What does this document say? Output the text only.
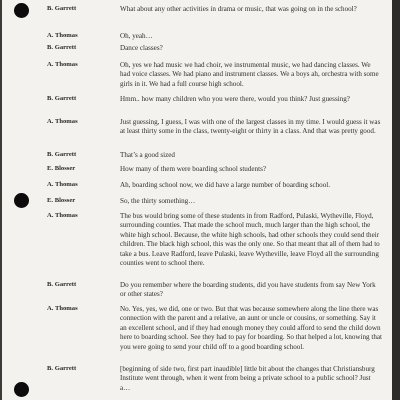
B. Garrett	What about any other activities in drama or music, that was going on in the school?
A. Thomas	Oh, yeah…
B. Garrett	Dance classes?
A. Thomas	Oh, yes we had music we had choir, we instrumental music, we had dancing classes. We had voice classes. We had piano and instrument classes. We a boys ah, orchestra with some girls in it. We had a full course high school.
B. Garrett	Hmm.. how many children who you were there, would you think? Just guessing?
A. Thomas	Just guessing, I guess, I was with one of the largest classes in my time. I would guess it was at least thirty some in the class, twenty-eight or thirty in a class. And that was pretty good.
B. Garrett	That’s a good sized
E. Blosser	How many of them were boarding school students?
A. Thomas	Ah, boarding school now, we did have a large number of boarding school.
E. Blosser	So, the thirty something…
A. Thomas	The bus would bring some of these students in from Radford, Pulaski, Wytheville, Floyd, surrounding counties. That made the school much, much larger than the high school, the white high school. Because, the white high schools, had other schools they could send their children. The black high school, this was the only one. So that meant that all of them had to take a bus. Leave Radford, leave Pulaski, leave Wytheville, leave Floyd all the surrounding counties went to school there.
B. Garrett	Do you remember where the boarding students, did you have students from say New York or other states?
A. Thomas	No. Yes, yes, we did, one or two. But that was because somewhere along the line there was connection with the parent and a relative, an aunt or uncle or cousins, or something. Say it an excellent school, and if they had enough money they could afford to send the child down here to boarding school. See they had to pay for boarding. So that helped a lot, knowing that you were going to send your child off to a good boarding school.
B. Garrett	[beginning of side two, first part inaudible] little bit about the changes that Christiansburg Institute went through, when it went from being a private school to a public school? Just a…
